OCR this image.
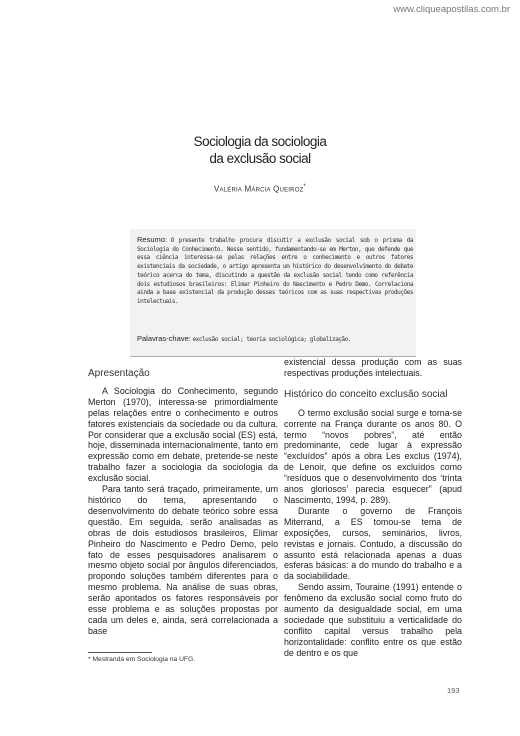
www.cliqueapostilas.com.br
Sociologia da sociologia
da exclusão social
Valéria Márcia Queiroz*
Resumo: O presente trabalho procura discutir a exclusão social sob o prisma da Sociologia do Conhecimento. Nesse sentido, fundamentando-se em Merton, que defende que essa ciência interessa-se pelas relações entre o conhecimento e outros fatores existenciais da sociedade, o artigo apresenta um histórico do desenvolvimento do debate teórico acerca do tema, discutindo a questão da exclusão social tendo como referência dois estudiosos brasileiros: Elimar Pinheiro do Nascimento e Pedro Demo. Correlaciona ainda a base existencial da produção desses teóricos com as suas respectivas produções intelectuais.
Palavras-chave: exclusão social; teoria sociológica; globalização.
Apresentação

A Sociologia do Conhecimento, segundo Merton (1970), interessa-se primordialmente pelas relações entre o conhecimento e outros fatores existenciais da sociedade ou da cultura. Por considerar que a exclusão social (ES) está, hoje, disseminada internacionalmente, tanto em expressão como em debate, pretende-se neste trabalho fazer a sociologia da sociologia da exclusão social.

Para tanto será traçado, primeiramente, um histórico do tema, apresentando o desenvolvimento do debate teórico sobre essa questão. Em seguida, serão analisadas as obras de dois estudiosos brasileiros, Elimar Pinheiro do Nascimento e Pedro Demo, pelo fato de esses pesquisadores analisarem o mesmo objeto social por ângulos diferenciados, propondo soluções também diferentes para o mesmo problema. Na análise de suas obras, serão apontados os fatores responsáveis por esse problema e as soluções propostas por cada um deles e, ainda, será correlacionada a base

existencial dessa produção com as suas respectivas produções intelectuais.

Histórico do conceito exclusão social

O termo exclusão social surge e torna-se corrente na França durante os anos 80. O termo “novos pobres”, até então predominante, cede lugar à expressão “excluídos” após a obra Les exclus (1974), de Lenoir, que define os excluídos como “resíduos que o desenvolvimento dos ‘trinta anos gloriosos’ parecia esquecer” (apud Nascimento, 1994, p. 289).

Durante o governo de François Miterrand, a ES tomou-se tema de exposições, cursos, seminários, livros, revistas e jornais. Contudo, a discussão do assunto está relacionada apenas a duas esferas básicas: a do mundo do trabalho e a da sociabilidade.

Sendo assim, Touraine (1991) entende o fenômeno da exclusão social como fruto do aumento da desigualdade social, em uma sociedade que substituiu a verticalidade do conflito capital versus trabalho pela horizontalidade: conflito entre os que estão de dentro e os que

* Mestranda em Sociologia na UFG.
193
